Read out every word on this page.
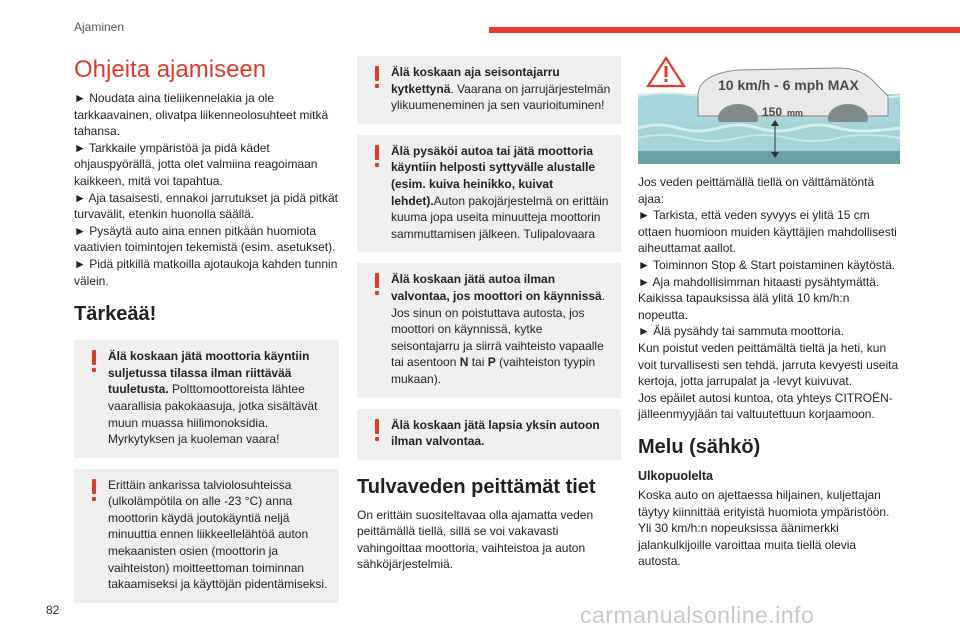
Ajaminen
Ohjeita ajamiseen

► Noudata aina tieliikennelakia ja ole tarkkaavainen, olivatpa liikenneolosuhteet mitkä tahansa.

► Tarkkaile ympäristöä ja pidä kädet ohjauspyörällä, jotta olet valmiina reagoimaan kaikkeen, mitä voi tapahtua.

► Aja tasaisesti, ennakoi jarrutukset ja pidä pitkät turvavälit, etenkin huonolla säällä.

► Pysäytä auto aina ennen pitkään huomiota vaativien toimintojen tekemistä (esim. asetukset).

► Pidä pitkillä matkoilla ajotaukoja kahden tunnin välein.

Tärkeää!

Älä koskaan jätä moottoria käyntiin suljetussa tilassa ilman riittävää tuuletusta. Polttomoottoreista lähtee vaarallisia pakokaasuja, jotka sisältävät muun muassa hiilimonoksidia. Myrkytyksen ja kuoleman vaara!

Erittäin ankarissa talviolosuhteissa (ulkolämpötila on alle -23 °C) anna moottorin käydä joutokäyntiä neljä minuuttia ennen liikkeellelähtöä auton mekaanisten osien (moottorin ja vaihteiston) moitteettoman toiminnan takaamiseksi ja käyttöjän pidentämiseksi.

Älä koskaan aja seisontajarru kytkettynä. Vaarana on jarrujärjestelmän ylikuumeneminen ja sen vaurioituminen!

Älä pysäköi autoa tai jätä moottoria käyntiin helposti syttyvälle alustalle (esim. kuiva heinikko, kuivat lehdet).Auton pakojärjestelmä on erittäin kuuma jopa useita minuutteja moottorin sammuttamisen jälkeen. Tulipalovaara

Älä koskaan jätä autoa ilman valvontaa, jos moottori on käynnissä. Jos sinun on poistuttava autosta, jos moottori on käynnissä, kytke seisontajarru ja siirrä vaihteisto vapaalle tai asentoon N tai P (vaihteiston tyypin mukaan).

Älä koskaan jätä lapsia yksin autoon ilman valvontaa.

Tulvaveden peittämät tiet

On erittäin suositeltavaa olla ajamatta veden peittämällä tiellä, sillä se voi vakavasti vahingoittaa moottoria, vaihteistoa ja auton sähköjärjestelmiä.

10 km/h - 6 mph MAX
150 mm

Jos veden peittämällä tiellä on välttämätöntä ajaa:

► Tarkista, että veden syvyys ei ylitä 15 cm ottaen huomioon muiden käyttäjien mahdollisesti aiheuttamat aallot.

► Toiminnon Stop & Start poistaminen käytöstä.

► Aja mahdollisimman hitaasti pysähtymättä. Kaikissa tapauksissa älä ylitä 10 km/h:n nopeutta.

► Älä pysähdy tai sammuta moottoria.

Kun poistut veden peittämältä tieltä ja heti, kun voit turvallisesti sen tehdä, jarruta kevyesti useita kertoja, jotta jarrupalat ja -levyt kuivuvat.

Jos epäilet autosi kuntoa, ota yhteys CITROËN-jälleenmyyjään tai valtuutettuun korjaamoon.

Melu (sähkö)
Ulkopuolelta

Koska auto on ajettaessa hiljainen, kuljettajan täytyy kiinnittää erityistä huomiota ympäristöön. Yli 30 km/h:n nopeuksissa äänimerkki jalankulkijoille varoittaa muita tiellä olevia autosta.

82	carmanualsonline.info
